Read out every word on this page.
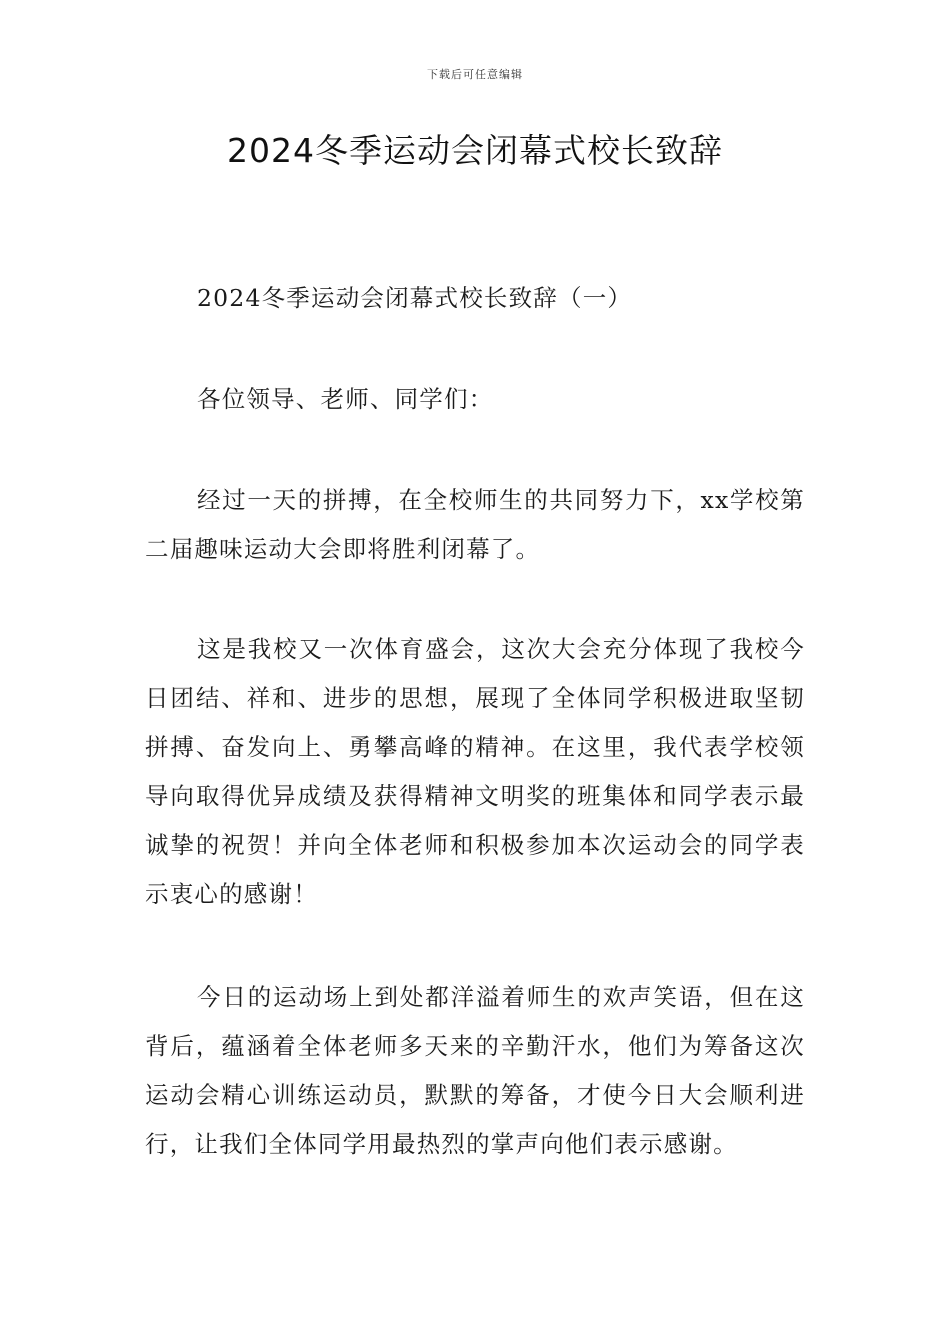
下载后可任意编辑
2024冬季运动会闭幕式校长致辞

2024冬季运动会闭幕式校长致辞（一）

各位领导、老师、同学们：

经过一天的拼搏，在全校师生的共同努力下，xx学校第二届趣味运动大会即将胜利闭幕了。

这是我校又一次体育盛会，这次大会充分体现了我校今日团结、祥和、进步的思想，展现了全体同学积极进取坚韧拼搏、奋发向上、勇攀高峰的精神。在这里，我代表学校领导向取得优异成绩及获得精神文明奖的班集体和同学表示最诚挚的祝贺！并向全体老师和积极参加本次运动会的同学表示衷心的感谢！

今日的运动场上到处都洋溢着师生的欢声笑语，但在这背后，蕴涵着全体老师多天来的辛勤汗水，他们为筹备这次运动会精心训练运动员，默默的筹备，才使今日大会顺利进行，让我们全体同学用最热烈的掌声向他们表示感谢。
